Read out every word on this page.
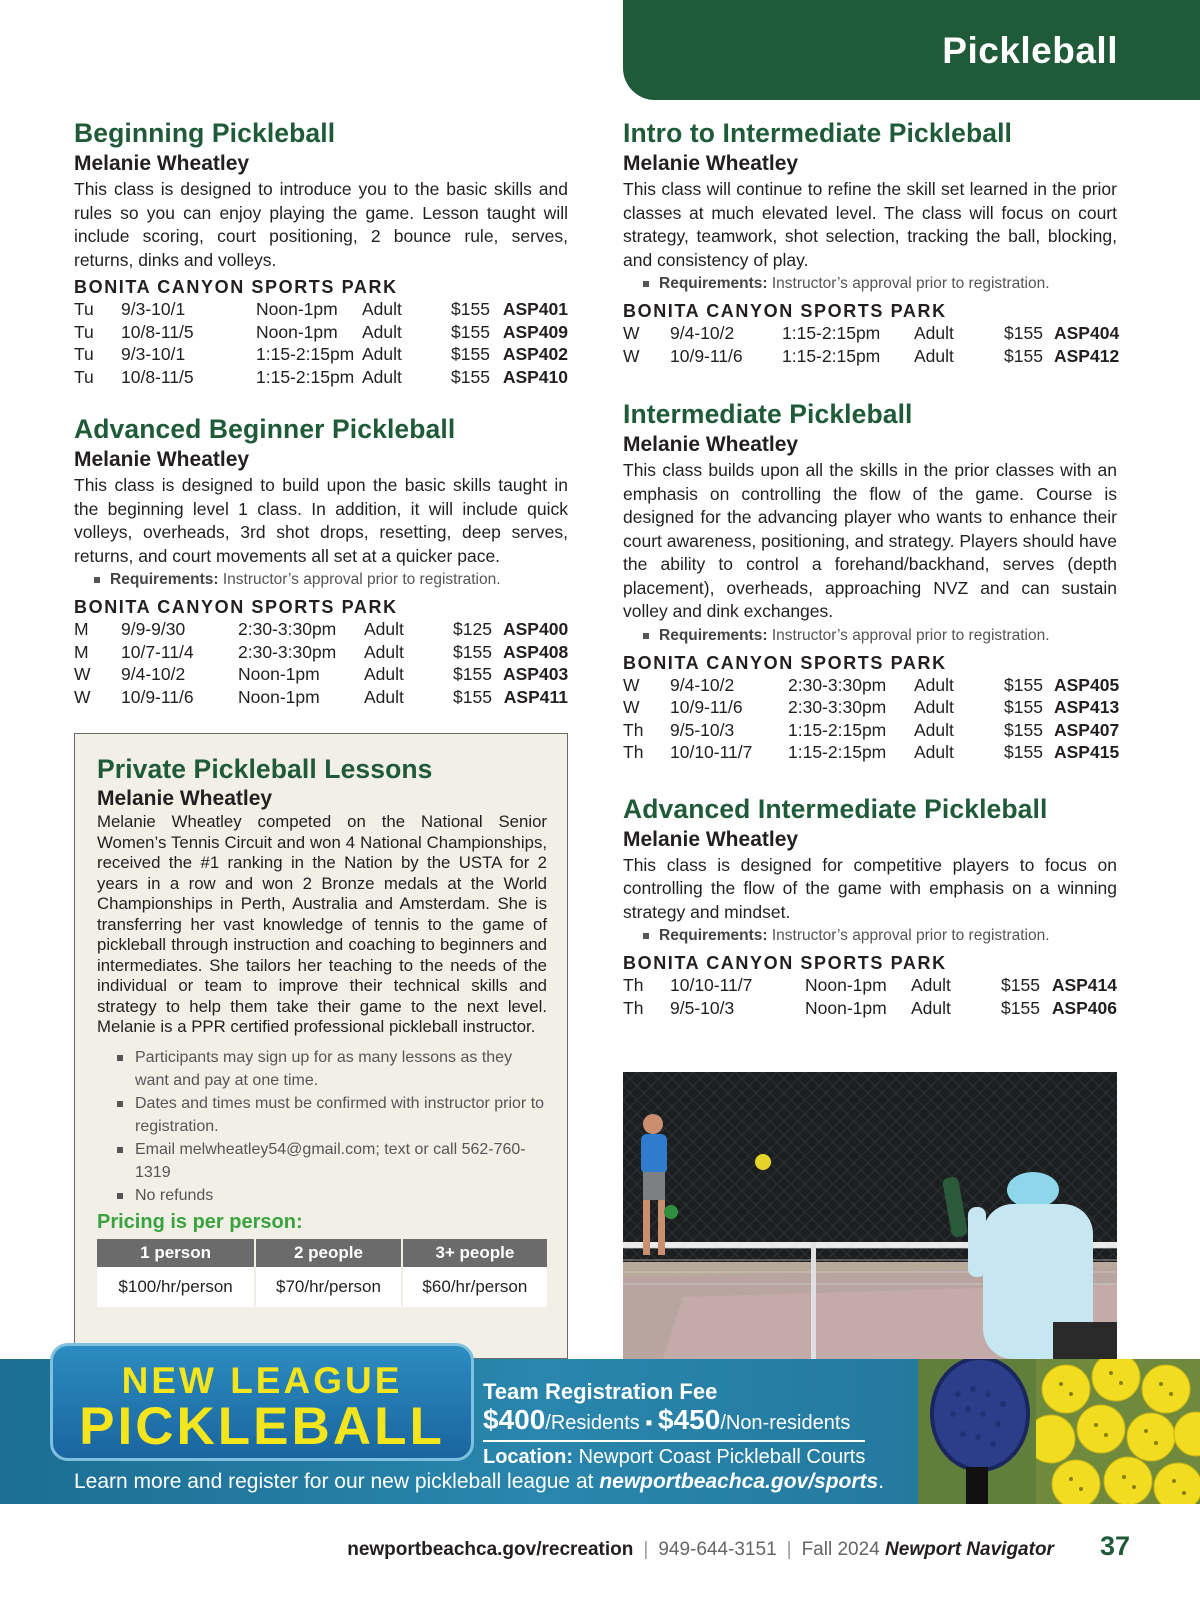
Pickleball
Beginning Pickleball
Melanie Wheatley
This class is designed to introduce you to the basic skills and rules so you can enjoy playing the game. Lesson taught will include scoring, court positioning, 2 bounce rule, serves, returns, dinks and volleys.
BONITA CANYON SPORTS PARK
Tu	9/3-10/1	Noon-1pm	Adult	$155 ASP401
Tu	10/8-11/5	Noon-1pm	Adult	$155 ASP409
Tu	9/3-10/1	1:15-2:15pm Adult	$155 ASP402
Tu	10/8-11/5	1:15-2:15pm Adult	$155 ASP410
Advanced Beginner Pickleball
Melanie Wheatley
This class is designed to build upon the basic skills taught in the beginning level 1 class. In addition, it will include quick volleys, overheads, 3rd shot drops, resetting, deep serves, returns, and court movements all set at a quicker pace.
Requirements: Instructor’s approval prior to registration.
BONITA CANYON SPORTS PARK
M	9/9-9/30	2:30-3:30pm	Adult	$125 ASP400
M	10/7-11/4	2:30-3:30pm	Adult	$155 ASP408
W	9/4-10/2	Noon-1pm	Adult	$155 ASP403
W	10/9-11/6	Noon-1pm	Adult	$155 ASP411
Private Pickleball Lessons
Melanie Wheatley
Melanie Wheatley competed on the National Senior Women’s Tennis Circuit and won 4 National Championships, received the #1 ranking in the Nation by the USTA for 2 years in a row and won 2 Bronze medals at the World Championships in Perth, Australia and Amsterdam. She is transferring her vast knowledge of tennis to the game of pickleball through instruction and coaching to beginners and intermediates. She tailors her teaching to the needs of the individual or team to improve their technical skills and strategy to help them take their game to the next level. Melanie is a PPR certified professional pickleball instructor.
Participants may sign up for as many lessons as they want and pay at one time.
Dates and times must be confirmed with instructor prior to registration.
Email melwheatley54@gmail.com; text or call 562-760-1319
No refunds
Pricing is per person:
1 person	2 people	3+ people
$100/hr/person	$70/hr/person	$60/hr/person
Intro to Intermediate Pickleball
Melanie Wheatley
This class will continue to refine the skill set learned in the prior classes at much elevated level. The class will focus on court strategy, teamwork, shot selection, tracking the ball, blocking, and consistency of play.
Requirements: Instructor’s approval prior to registration.
BONITA CANYON SPORTS PARK
W	9/4-10/2	1:15-2:15pm	Adult	$155 ASP404
W	10/9-11/6	1:15-2:15pm	Adult	$155 ASP412
Intermediate Pickleball
Melanie Wheatley
This class builds upon all the skills in the prior classes with an emphasis on controlling the flow of the game. Course is designed for the advancing player who wants to enhance their court awareness, positioning, and strategy. Players should have the ability to control a forehand/backhand, serves (depth placement), overheads, approaching NVZ and can sustain volley and dink exchanges.
Requirements: Instructor’s approval prior to registration.
BONITA CANYON SPORTS PARK
W	9/4-10/2	2:30-3:30pm	Adult	$155 ASP405
W	10/9-11/6	2:30-3:30pm	Adult	$155 ASP413
Th	9/5-10/3	1:15-2:15pm	Adult	$155 ASP407
Th	10/10-11/7	1:15-2:15pm	Adult	$155 ASP415
Advanced Intermediate Pickleball
Melanie Wheatley
This class is designed for competitive players to focus on controlling the flow of the game with emphasis on a winning strategy and mindset.
Requirements: Instructor’s approval prior to registration.
BONITA CANYON SPORTS PARK
Th	10/10-11/7	Noon-1pm	Adult	$155 ASP414
Th	9/5-10/3	Noon-1pm	Adult	$155 ASP406
NEW LEAGUE
PICKLEBALL
Team Registration Fee
$400/Residents ▪ $450/Non-residents
Location: Newport Coast Pickleball Courts
Learn more and register for our new pickleball league at newportbeachca.gov/sports.
newportbeachca.gov/recreation | 949-644-3151 | Fall 2024
Newport Navigator 37
